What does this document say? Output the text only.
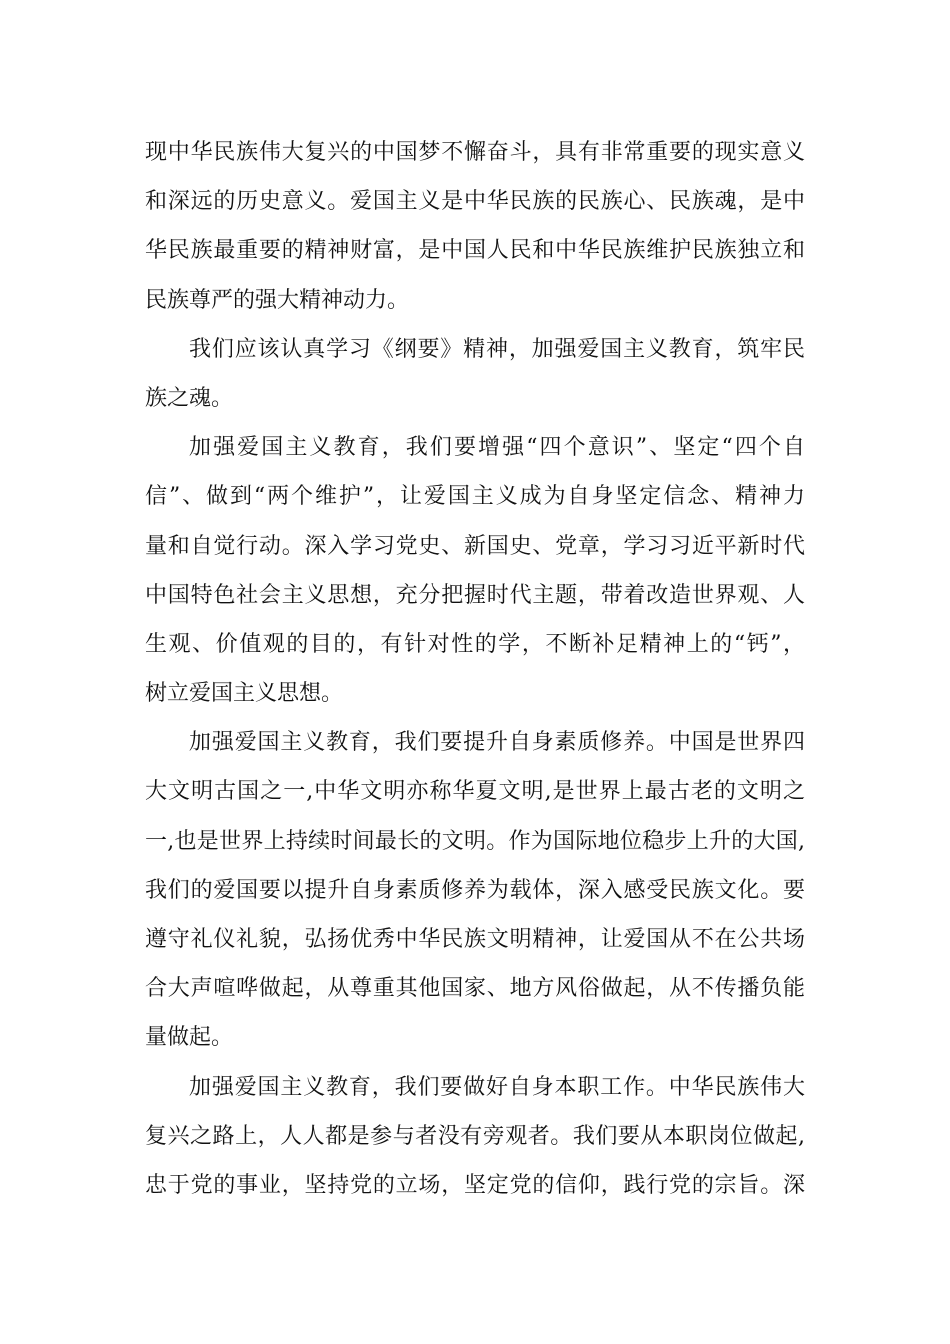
现中华民族伟大复兴的中国梦不懈奋斗，具有非常重要的现实意义
和深远的历史意义。爱国主义是中华民族的民族心、民族魂，是中
华民族最重要的精神财富，是中国人民和中华民族维护民族独立和
民族尊严的强大精神动力。
我们应该认真学习《纲要》精神，加强爱国主义教育，筑牢民
族之魂。
加强爱国主义教育，我们要增强“四个意识”、坚定“四个自
信”、做到“两个维护”，让爱国主义成为自身坚定信念、精神力
量和自觉行动。深入学习党史、新国史、党章，学习习近平新时代
中国特色社会主义思想，充分把握时代主题，带着改造世界观、人
生观、价值观的目的，有针对性的学，不断补足精神上的“钙”，
树立爱国主义思想。
加强爱国主义教育，我们要提升自身素质修养。中国是世界四
大文明古国之一,中华文明亦称华夏文明,是世界上最古老的文明之
一,也是世界上持续时间最长的文明。作为国际地位稳步上升的大国,
我们的爱国要以提升自身素质修养为载体，深入感受民族文化。要
遵守礼仪礼貌，弘扬优秀中华民族文明精神，让爱国从不在公共场
合大声喧哗做起，从尊重其他国家、地方风俗做起，从不传播负能
量做起。
加强爱国主义教育，我们要做好自身本职工作。中华民族伟大
复兴之路上，人人都是参与者没有旁观者。我们要从本职岗位做起,
忠于党的事业，坚持党的立场，坚定党的信仰，践行党的宗旨。深
